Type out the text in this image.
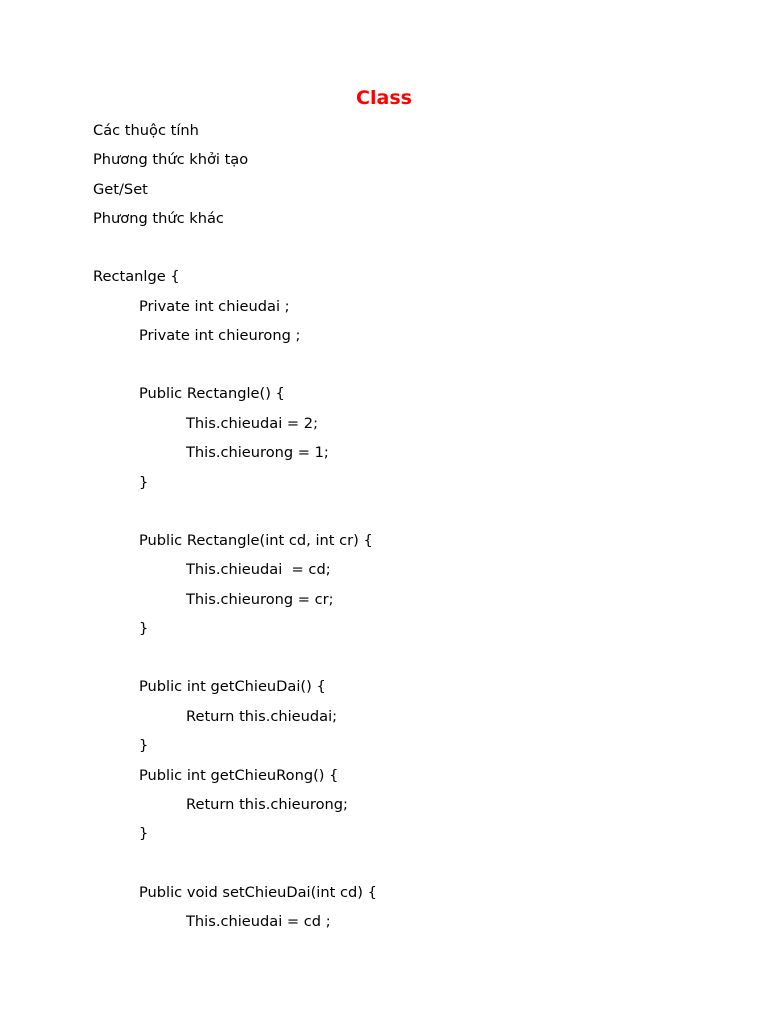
Class
Các thuộc tính
Phương thức khởi tạo
Get/Set
Phương thức khác
Rectanlge {
Private int chieudai ;
Private int chieurong ;
Public Rectangle() {
This.chieudai = 2;
This.chieurong = 1;
}
Public Rectangle(int cd, int cr) {
This.chieudai  = cd;
This.chieurong = cr;
}
Public int getChieuDai() {
Return this.chieudai;
}
Public int getChieuRong() {
Return this.chieurong;
}
Public void setChieuDai(int cd) {
This.chieudai = cd ;
